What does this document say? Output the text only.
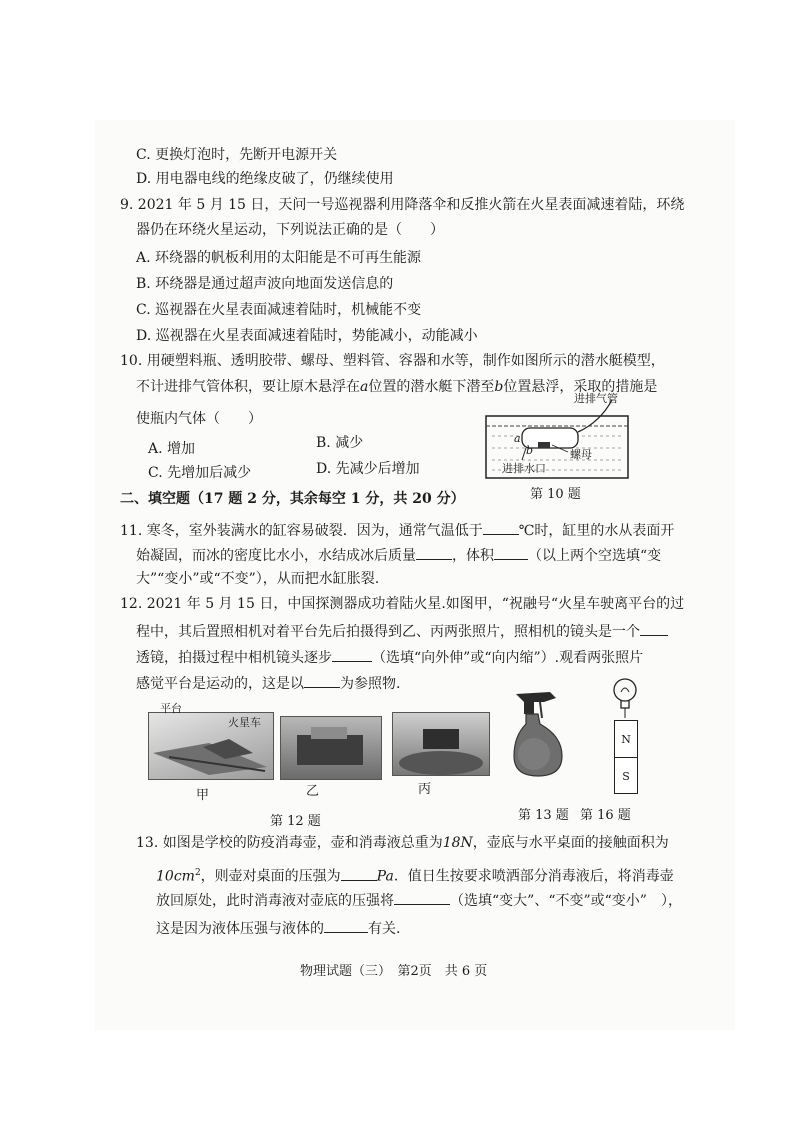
C. 更换灯泡时，先断开电源开关
D. 用电器电线的绝缘皮破了，仍继续使用
9. 2021 年 5 月 15 日，天问一号巡视器利用降落伞和反推火箭在火星表面减速着陆，环绕
器仍在环绕火星运动，下列说法正确的是（　　）
A. 环绕器的帆板利用的太阳能是不可再生能源
B. 环绕器是通过超声波向地面发送信息的
C. 巡视器在火星表面减速着陆时，机械能不变
D. 巡视器在火星表面减速着陆时，势能减小，动能减小
10. 用硬塑料瓶、透明胶带、螺母、塑料管、容器和水等，制作如图所示的潜水艇模型，
不计进排气管体积，要让原木悬浮在a位置的潜水艇下潜至b位置悬浮，采取的措施是
使瓶内气体（　　）
A. 增加	B. 减少
C. 先增加后减少	D. 先减少后增加
进排气管
a
b	螺母
进排水口
第 10 题
二、填空题（17 题 2 分，其余每空 1 分，共 20 分）
11. 寒冬，室外装满水的缸容易破裂．因为，通常气温低于	℃时，缸里的水从表面开
始凝固，而冰的密度比水小，水结成冰后质量	，体积 （以上两个空选填“变
大”“变小”或“不变”），从而把水缸胀裂.
12. 2021 年 5 月 15 日，中国探测器成功着陆火星.如图甲，“祝融号“火星车驶离平台的过
程中，其后置照相机对着平台先后拍摄得到乙、丙两张照片，照相机的镜头是一个
透镜，拍摄过程中相机镜头逐步	（选填“向外伸”或“向内缩”）.观看两张照片
感觉平台是运动的，这是以	为参照物.
平台
火星车
甲	乙	丙
第 12 题
N
S
第 13 题 第 16 题
13. 如图是学校的防疫消毒壶，壶和消毒液总重为18N，壶底与水平桌面的接触面积为
$10cm^2$，则壶对桌面的压强为	Pa．值日生按要求喷洒部分消毒液后，将消毒壶
放回原处，此时消毒液对壶底的压强将	（选填“变大”、“不变”或“变小”　），
这是因为液体压强与液体的	有关.
物理试题（三）　第2页　共 6 页
